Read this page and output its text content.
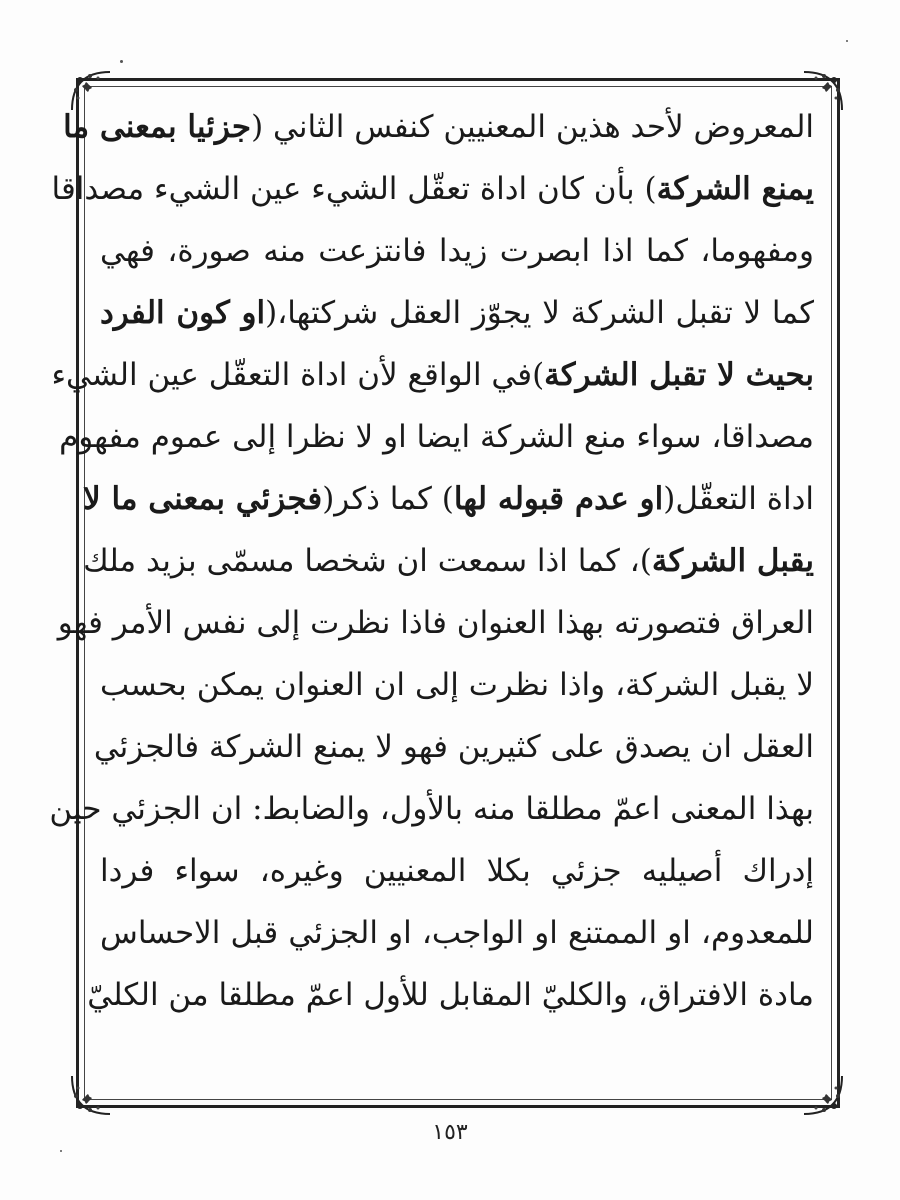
المعروض لأحد هذين المعنيين كنفس الثاني (جزئيا بمعنى ما
يمنع الشركة) بأن كان اداة تعقّل الشيء عين الشيء مصداقا
ومفهوما، كما اذا ابصرت زيدا فانتزعت منه صورة، فهي
كما لا تقبل الشركة لا يجوّز العقل شركتها،(او كون الفرد
بحيث لا تقبل الشركة)في الواقع لأن اداة التعقّل عين الشيء
مصداقا، سواء منع الشركة ايضا او لا نظرا إلى عموم مفهوم
اداة التعقّل(او عدم قبوله لها) كما ذكر(فجزئي بمعنى ما لا
يقبل الشركة)، كما اذا سمعت ان شخصا مسمّى بزيد ملك
العراق فتصورته بهذا العنوان فاذا نظرت إلى نفس الأمر فهو
لا يقبل الشركة، واذا نظرت إلى ان العنوان يمكن بحسب
العقل ان يصدق على كثيرين فهو لا يمنع الشركة فالجزئي
بهذا المعنى اعمّ مطلقا منه بالأول، والضابط: ان الجزئي حين
إدراك أصيليه جزئي بكلا المعنيين وغيره، سواء فردا
للمعدوم، او الممتنع او الواجب، او الجزئي قبل الاحساس
مادة الافتراق، والكليّ المقابل للأول اعمّ مطلقا من الكليّ
١٥٣
